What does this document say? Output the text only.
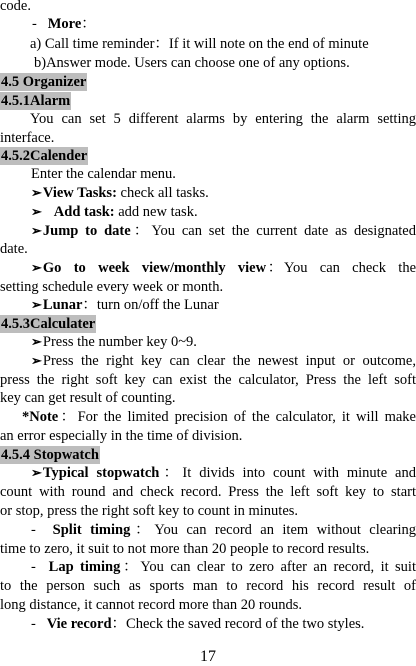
code.
- More：
a) Call time reminder：If it will note on the end of minute
b)Answer mode. Users can choose one of any options.
4.5 Organizer
4.5.1Alarm
You can set 5 different alarms by entering the alarm setting
interface.
4.5.2Calender
Enter the calendar menu.
➢View Tasks: check all tasks.
➢ Add task: add new task.
➢Jump to date：You can set the current date as designated
date.
➢Go to week view/monthly view：You can check the
setting schedule every week or month.
➢Lunar：turn on/off the Lunar
4.5.3Calculater
➢Press the number key 0~9.
➢Press the right key can clear the newest input or outcome,
press the right soft key can exist the calculator, Press the left soft
key can get result of counting.
*Note：For the limited precision of the calculator, it will make
an error especially in the time of division.
4.5.4 Stopwatch
➢Typical stopwatch：It divids into count with minute and
count with round and check record. Press the left soft key to start
or stop, press the right soft key to count in minutes.
- Split timing：You can record an item without clearing
time to zero, it suit to not more than 20 people to record results.
- Lap timing：You can clear to zero after an record, it suit
to the person such as sports man to record his record result of
long distance, it cannot record more than 20 rounds.
- Vie record：Check the saved record of the two styles.
17
